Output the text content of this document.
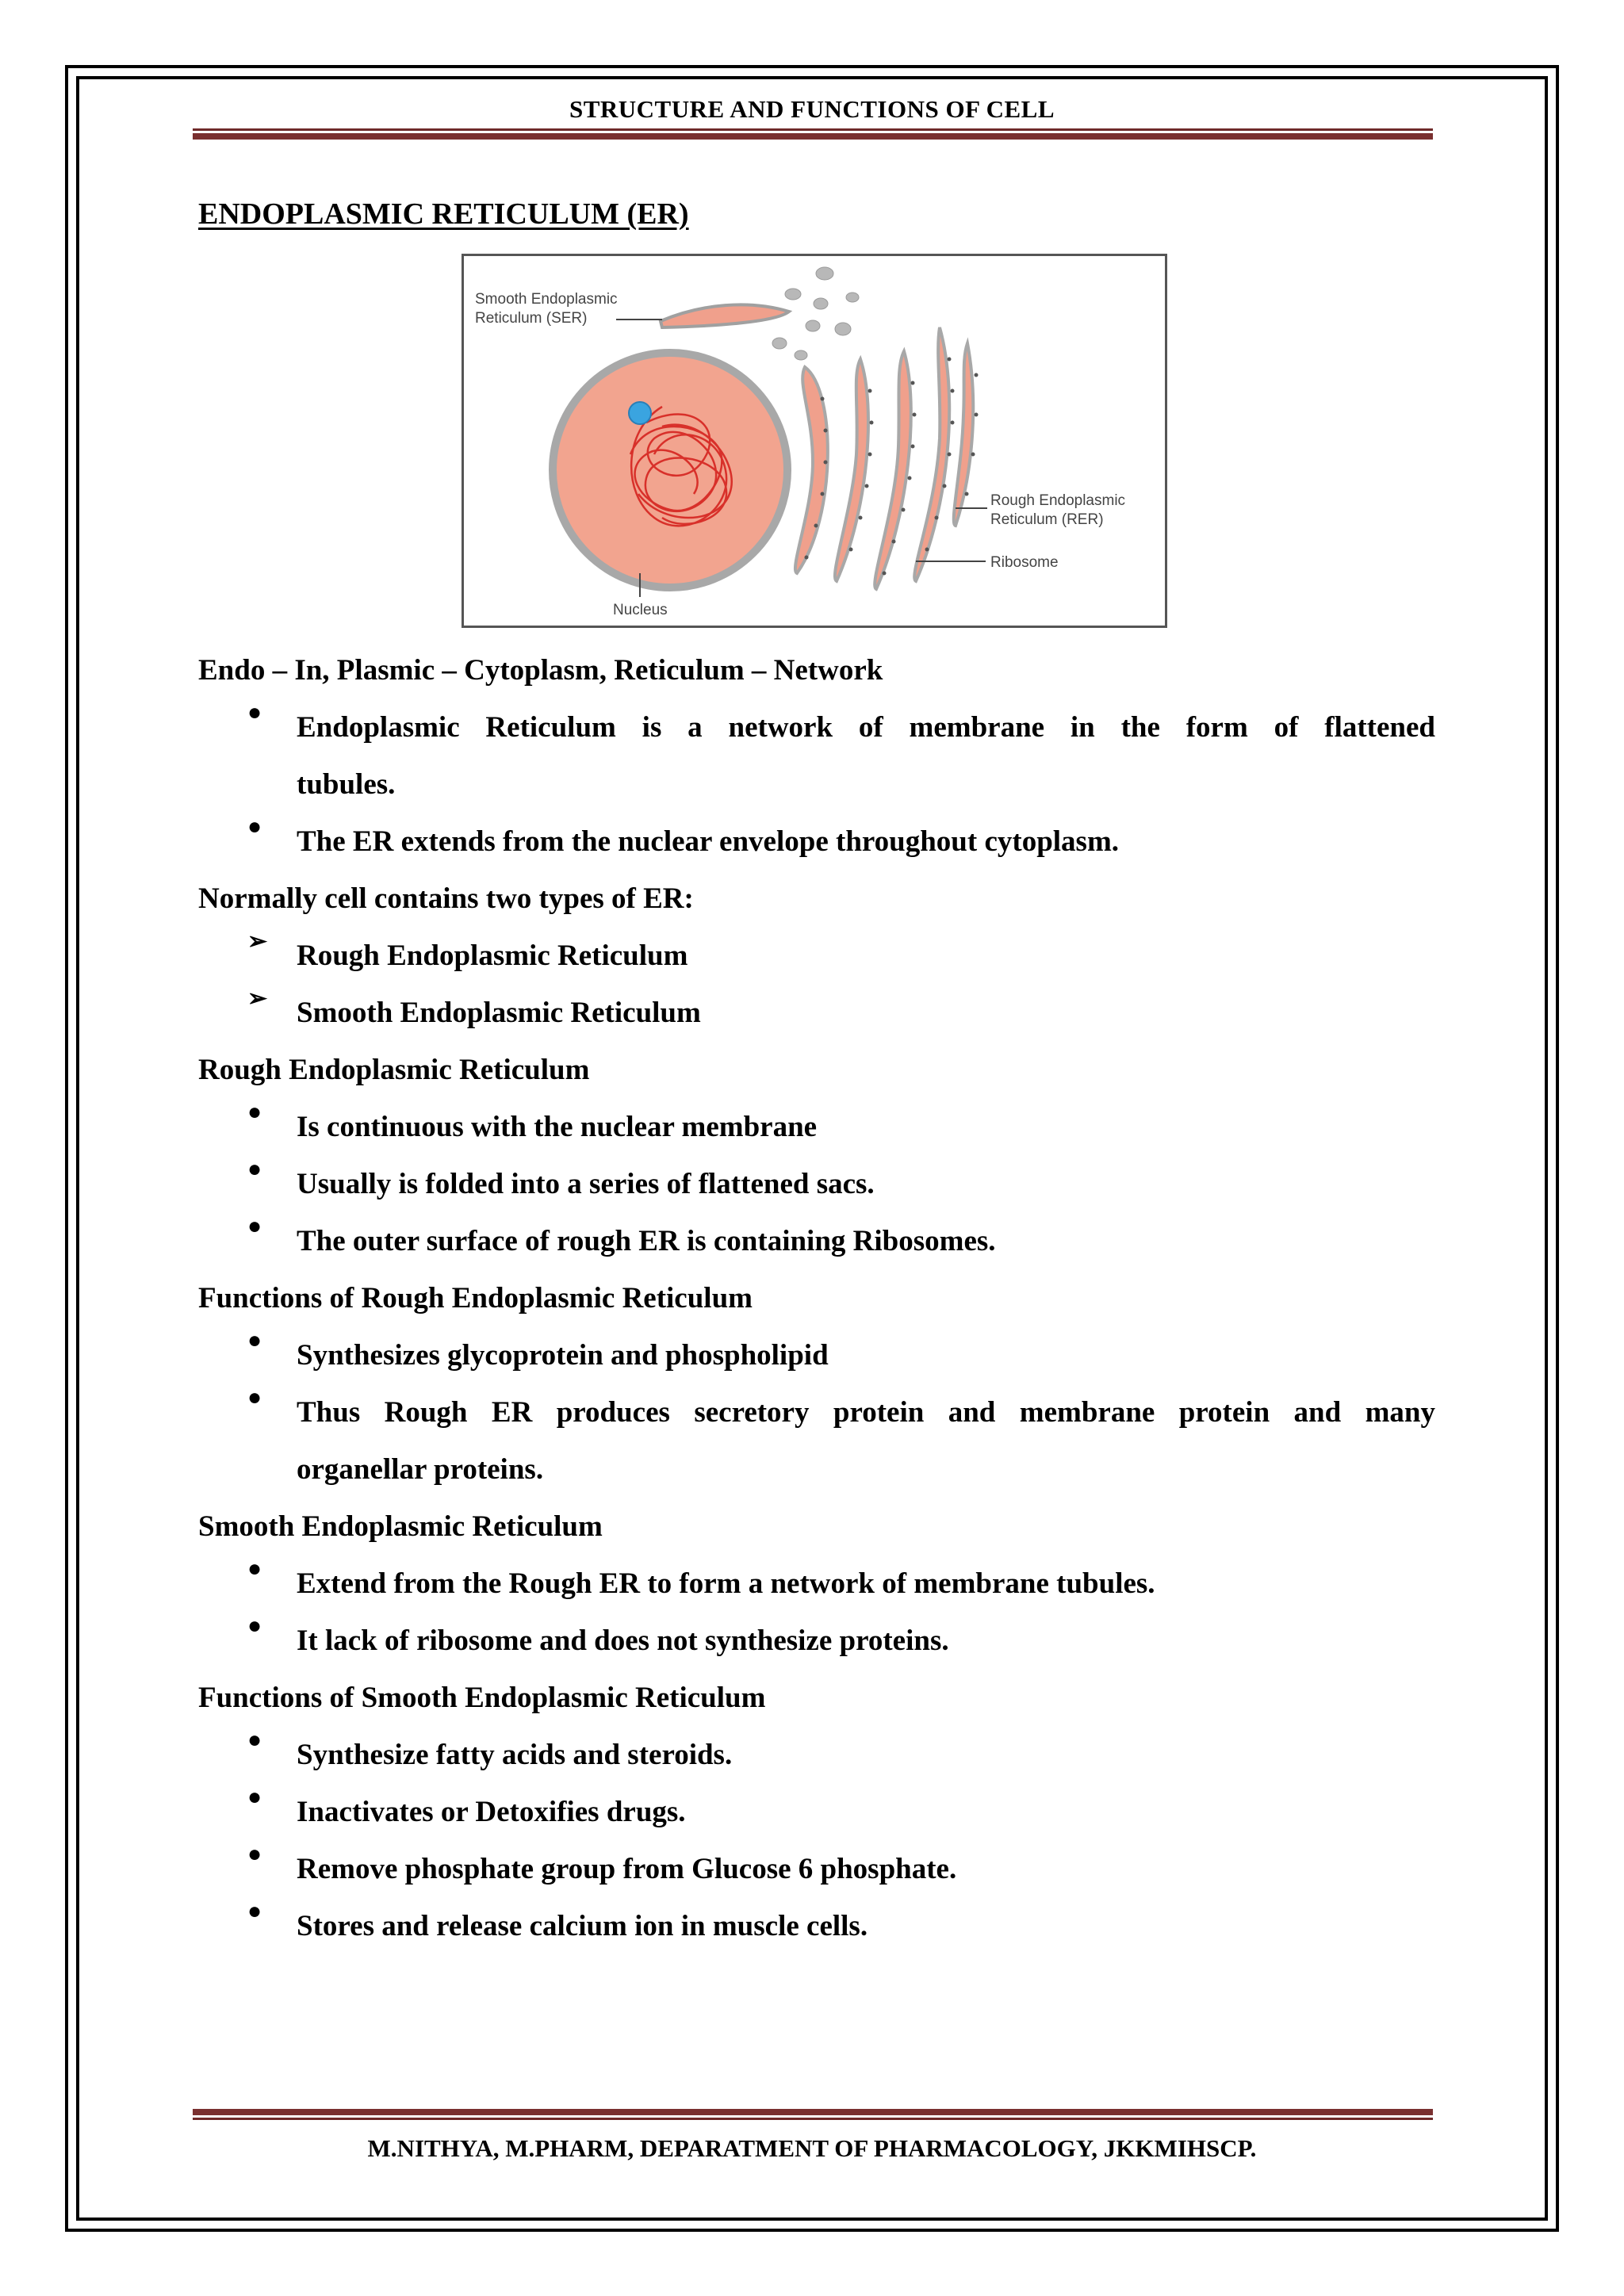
STRUCTURE AND FUNCTIONS OF CELL
ENDOPLASMIC RETICULUM (ER)
Smooth Endoplasmic
Reticulum (SER)
Rough Endoplasmic
Reticulum (RER)
Ribosome
Nucleus
Endo – In, Plasmic – Cytoplasm, Reticulum – Network
● Endoplasmic Reticulum is a network of membrane in the form of flattened
tubules.
● The ER extends from the nuclear envelope throughout cytoplasm.
Normally cell contains two types of ER:
➢ Rough Endoplasmic Reticulum
➢ Smooth Endoplasmic Reticulum
Rough Endoplasmic Reticulum
● Is continuous with the nuclear membrane
● Usually is folded into a series of flattened sacs.
● The outer surface of rough ER is containing Ribosomes.
Functions of Rough Endoplasmic Reticulum
● Synthesizes glycoprotein and phospholipid
● Thus Rough ER produces secretory protein and membrane protein and many
organellar proteins.
Smooth Endoplasmic Reticulum
● Extend from the Rough ER to form a network of membrane tubules.
● It lack of ribosome and does not synthesize proteins.
Functions of Smooth Endoplasmic Reticulum
● Synthesize fatty acids and steroids.
● Inactivates or Detoxifies drugs.
● Remove phosphate group from Glucose 6 phosphate.
● Stores and release calcium ion in muscle cells.
M.NITHYA, M.PHARM, DEPARATMENT OF PHARMACOLOGY, JKKMIHSCP.
